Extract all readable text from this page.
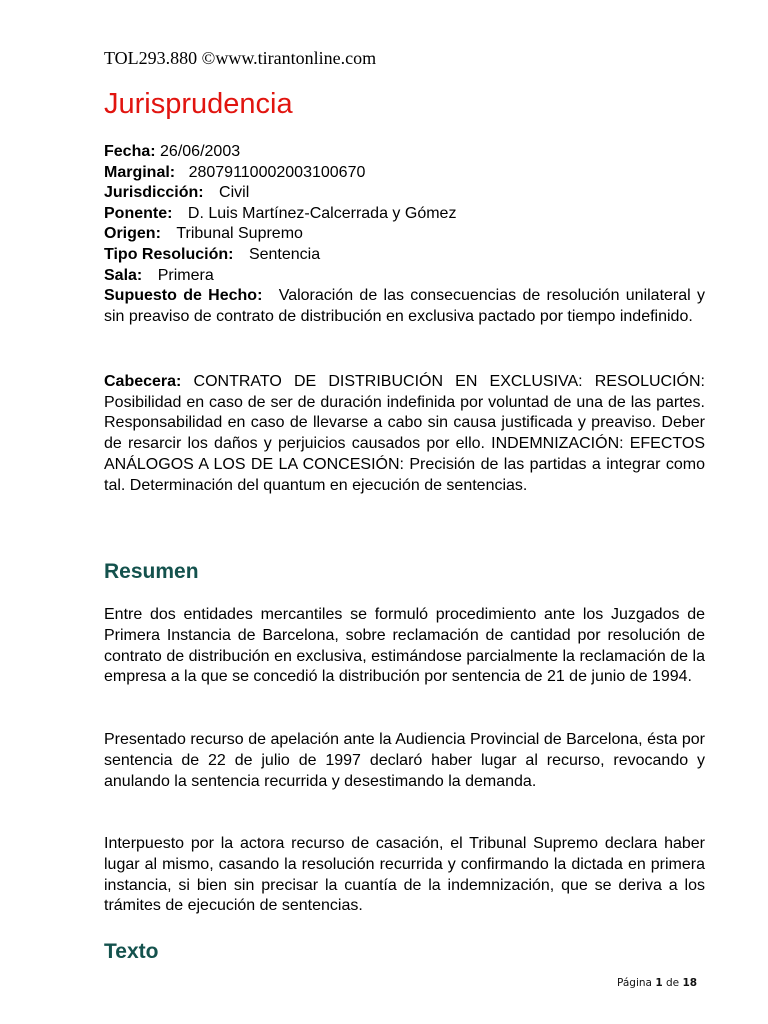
TOL293.880 ©www.tirantonline.com
Jurisprudencia
Fecha: 26/06/2003
Marginal: 28079110002003100670
Jurisdicción: Civil
Ponente: D. Luis Martínez-Calcerrada y Gómez
Origen: Tribunal Supremo
Tipo Resolución: Sentencia
Sala: Primera
Supuesto de Hecho: Valoración de las consecuencias de resolución unilateral y sin preaviso de contrato de distribución en exclusiva pactado por tiempo indefinido.
Cabecera: CONTRATO DE DISTRIBUCIÓN EN EXCLUSIVA: RESOLUCIÓN: Posibilidad en caso de ser de duración indefinida por voluntad de una de las partes. Responsabilidad en caso de llevarse a cabo sin causa justificada y preaviso. Deber de resarcir los daños y perjuicios causados por ello. INDEMNIZACIÓN: EFECTOS ANÁLOGOS A LOS DE LA CONCESIÓN: Precisión de las partidas a integrar como tal. Determinación del quantum en ejecución de sentencias.
Resumen
Entre dos entidades mercantiles se formuló procedimiento ante los Juzgados de Primera Instancia de Barcelona, sobre reclamación de cantidad por resolución de contrato de distribución en exclusiva, estimándose parcialmente la reclamación de la empresa a la que se concedió la distribución por sentencia de 21 de junio de 1994.
Presentado recurso de apelación ante la Audiencia Provincial de Barcelona, ésta por sentencia de 22 de julio de 1997 declaró haber lugar al recurso, revocando y anulando la sentencia recurrida y desestimando la demanda.
Interpuesto por la actora recurso de casación, el Tribunal Supremo declara haber lugar al mismo, casando la resolución recurrida y confirmando la dictada en primera instancia, si bien sin precisar la cuantía de la indemnización, que se deriva a los trámites de ejecución de sentencias.
Texto
Página 1 de 18
